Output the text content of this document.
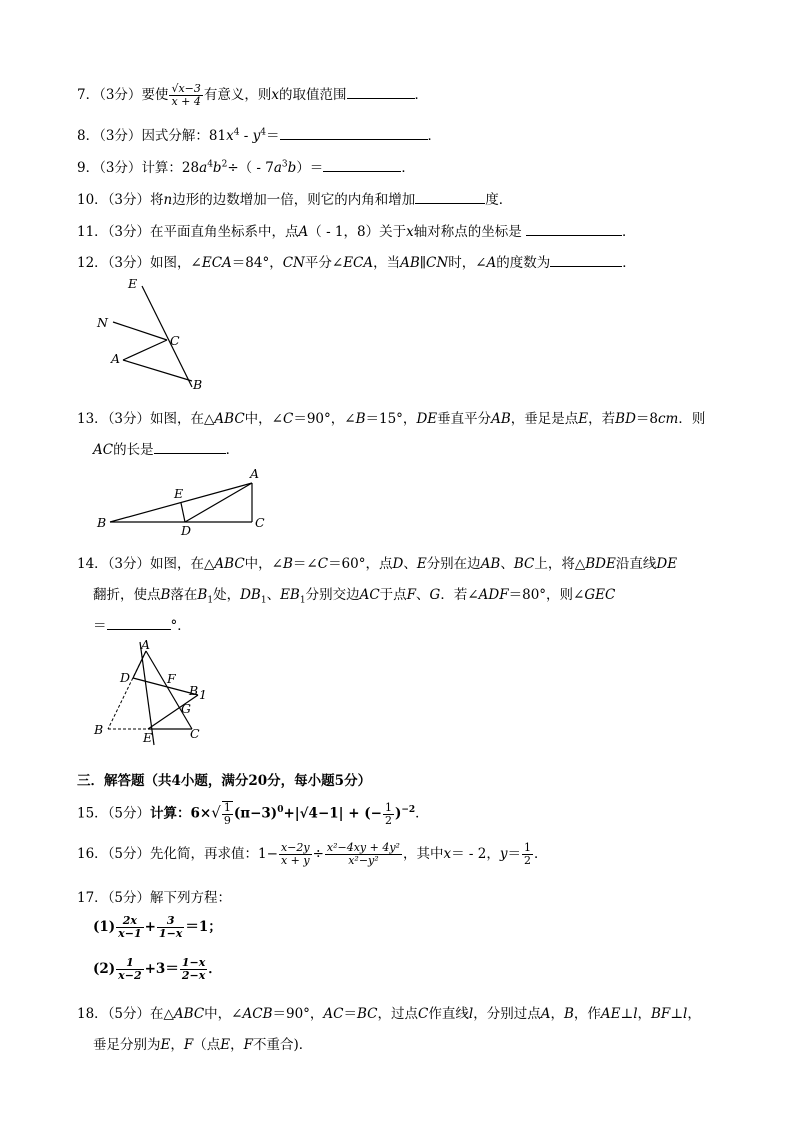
7．（3分）要使 $\frac{√x-3}{x + 4}$ 有意义，则x的取值范围	．
8．（3分）因式分解：$81x^4 - y^4=$	．
9．（3分）计算：$28a^4b^2\div( - 7a^3b)=$	．
10．（3分）将n边形的边数增加一倍，则它的内角和增加	度．
11．（3分）在平面直角坐标系中，点A（ - 1，8）关于x轴对称点的坐标是	．
12．（3分）如图，∠ECA＝84°，CN平分∠ECA，当AB∥CN时，∠A的度数为	．
E
N
C
A
B
13．（3分）如图，在△ABC中，∠C＝90°，∠B＝15°，DE垂直平分AB，垂足是点E，若BD＝8cm．则
AC的长是	．
A
E
B
D
C
14．（3分）如图，在△ABC中，∠B＝∠C＝60°，点D、E分别在边AB、BC上，将△BDE沿直线DE
翻折，使点B落在$B_1$处，$DB_1$、$EB_1$分别交边AC于点F、G．若∠ADF＝80°，则∠GEC
＝	°．
A
D	F
B 1
G
B
E	C
三．解答题（共4小题，满分20分，每小题5分）
15．（5分）计算：$6\times√ \frac{1}{9} (\pi-3)^0+|√4-1|$ + (− $\frac{1}{2} )^{-2}$．
16．（5分）先化简，再求值：$1- \frac{x-2y}{x + y} \div \frac{\text{x²−4xy + 4y²}}{\text{x²−y²}}$ ，其中x＝ - 2，$y= \frac{1}{2}$ ．
17．（5分）解下列方程：
$(1) \frac{2x}{x-1} + \frac{3}{1-x} =1$；
$(2) \frac{1}{x-2} +3= \frac{1-x}{2-x}$ ．
18．（5分）在△ABC中，∠ACB＝90°，AC＝BC，过点C作直线l，分别过点A，B，作AE⊥l，BF⊥l，
垂足分别为E，F（点E，F不重合)．
